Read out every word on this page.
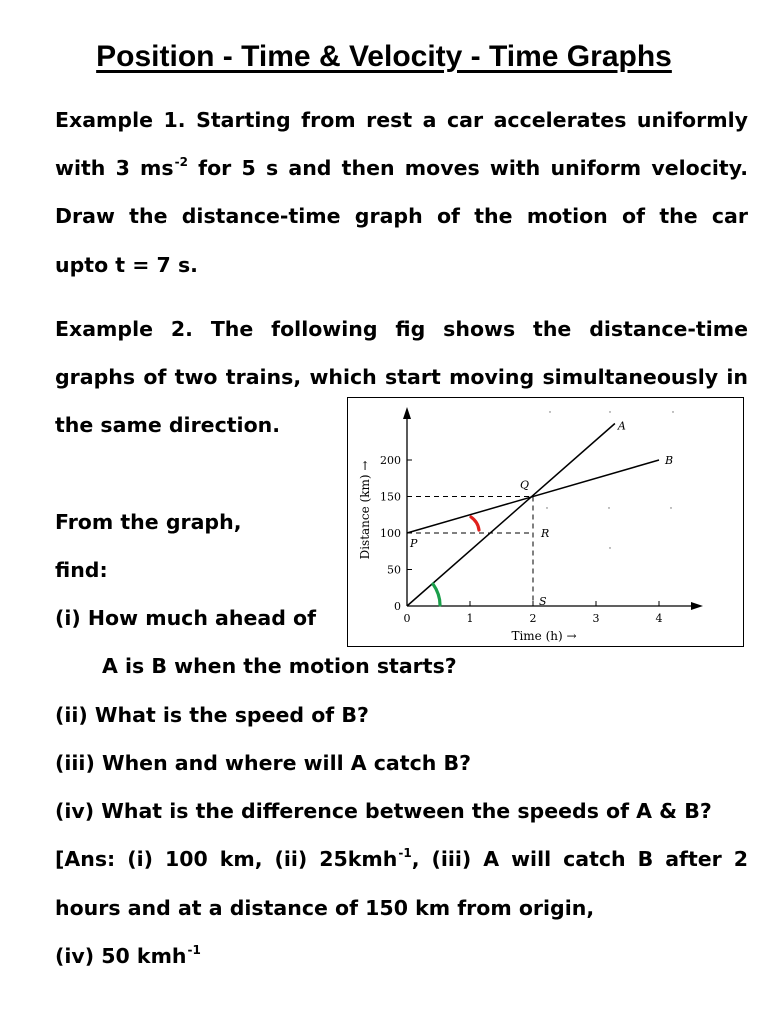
Position - Time & Velocity - Time Graphs
Example 1. Starting from rest a car accelerates uniformly
with 3 $ms^{-2}$ for 5 s and then moves with uniform velocity.
Draw the distance-time graph of the motion of the car
upto t = 7 s.
Example 2. The following fig shows the distance-time
graphs of two trains, which start moving simultaneously in
the same direction.
From the graph,
find:
(i) How much ahead of
A is B when the motion starts?
(ii) What is the speed of B?
(iii) When and where will A catch B?
(iv) What is the difference between the speeds of A & B?
[Ans: (i) 100 km, (ii) 25kmh$^{-1}$, (iii) A will catch B after 2
hours and at a distance of 150 km from origin,
(iv) 50 kmh$^{-1}$
0
50
100
150
200
0	1	2	3	4
Time (h) →
Distance (km) →
A
B
P
Q
R
S
